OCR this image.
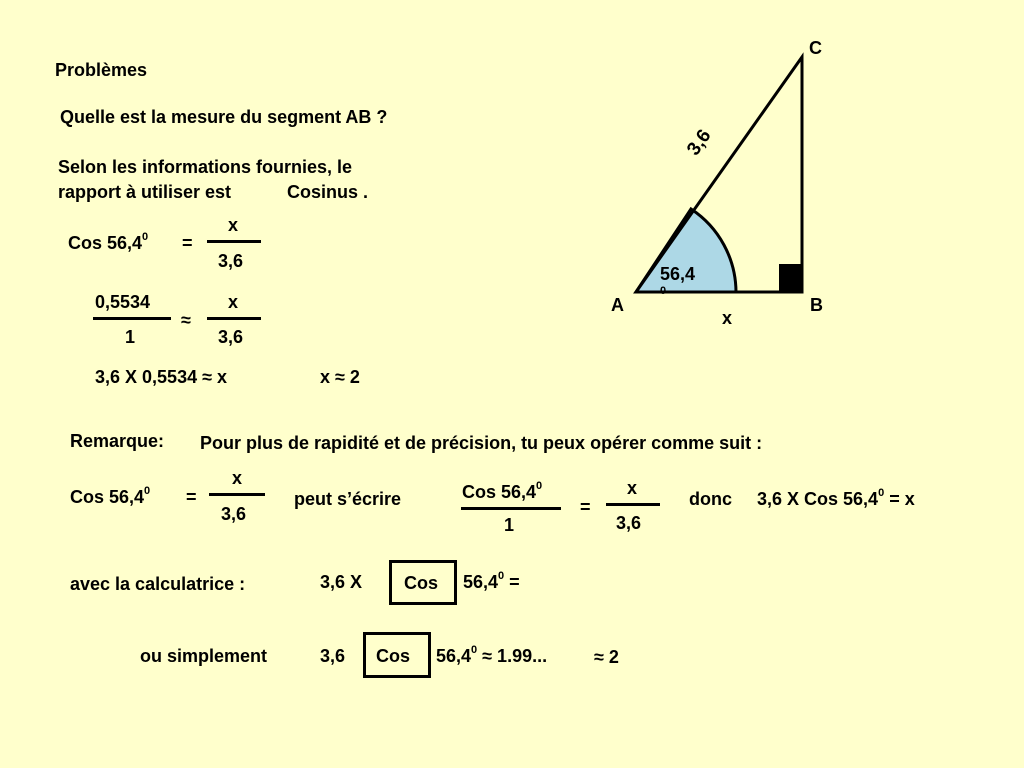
Problèmes
Quelle est la mesure du segment AB ?
Selon les informations fournies, le
rapport à utiliser est	Cosinus .
Cos $56,4^0$ =
x
3,6
0,5534
1
≈
x
3,6
3,6 X 0,5534 ≈ x	x ≈ 2
Remarque: Pour plus de rapidité et de précision, tu peux opérer comme suit :
Cos $56,4^0$ =
x
3,6
peut s’écrire	Cos 56,4$^0$
1
=
x
3,6
donc 3,6 X Cos $56,4^0 = x$
avec la calculatrice :	3,6 X Cos $56,4^0$ =
ou simplement	3,6 Cos $56,4^0 \approx 1.99$...	≈ 2
A	B
C
3,6
x
56,4
0
